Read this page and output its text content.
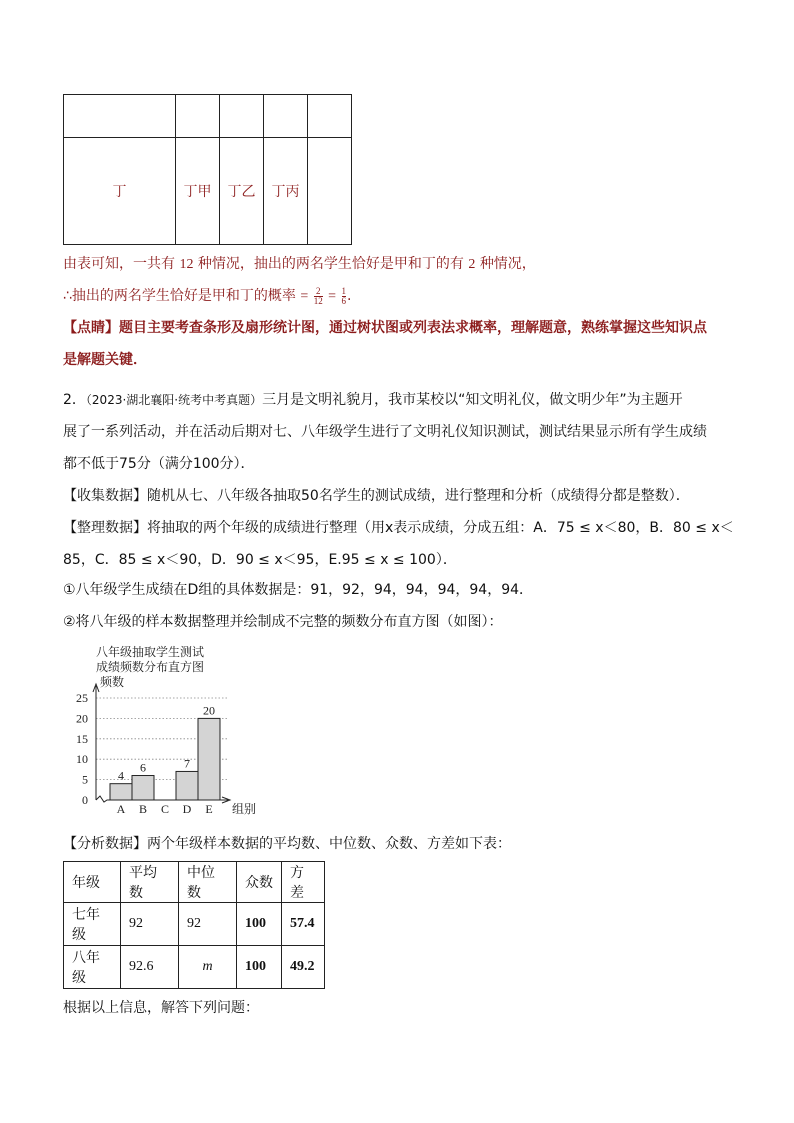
丁	丁甲	丁乙	丁丙	
由表可知，一共有 12 种情况，抽出的两名学生恰好是甲和丁的有 2 种情况，
∴抽出的两名学生恰好是甲和丁的概率 = $\frac{2}{12} = \frac{1}{6}$ .
【点睛】题目主要考查条形及扇形统计图，通过树状图或列表法求概率，理解题意，熟练掌握这些知识点
是解题关键．
2．（2023·湖北襄阳·统考中考真题）三月是文明礼貌月，我市某校以“知文明礼仪，做文明少年”为主题开
展了一系列活动，并在活动后期对七、八年级学生进行了文明礼仪知识测试，测试结果显示所有学生成绩
都不低于75分（满分100分）．
【收集数据】随机从七、八年级各抽取50名学生的测试成绩，进行整理和分析（成绩得分都是整数）．
【整理数据】将抽取的两个年级的成绩进行整理（用x表示成绩，分成五组：A．75 ≤ x＜80，B．80 ≤ x＜
85，C．85 ≤ x＜90，D．90 ≤ x＜95，E.95 ≤ x ≤ 100）．
①八年级学生成绩在D组的具体数据是：91，92，94，94，94，94，94．
②将八年级的样本数据整理并绘制成不完整的频数分布直方图（如图）：
八年级抽取学生测试
成绩频数分布直方图
频数
组别
0
5
10
15
20
25
4
A
6
B C
7
D
20
E
【分析数据】两个年级样本数据的平均数、中位数、众数、方差如下表：
年级	平均数	中位数	众数	方差
七年级	92	92	100	57.4
八年级	92.6	m	100	49.2
根据以上信息，解答下列问题：
